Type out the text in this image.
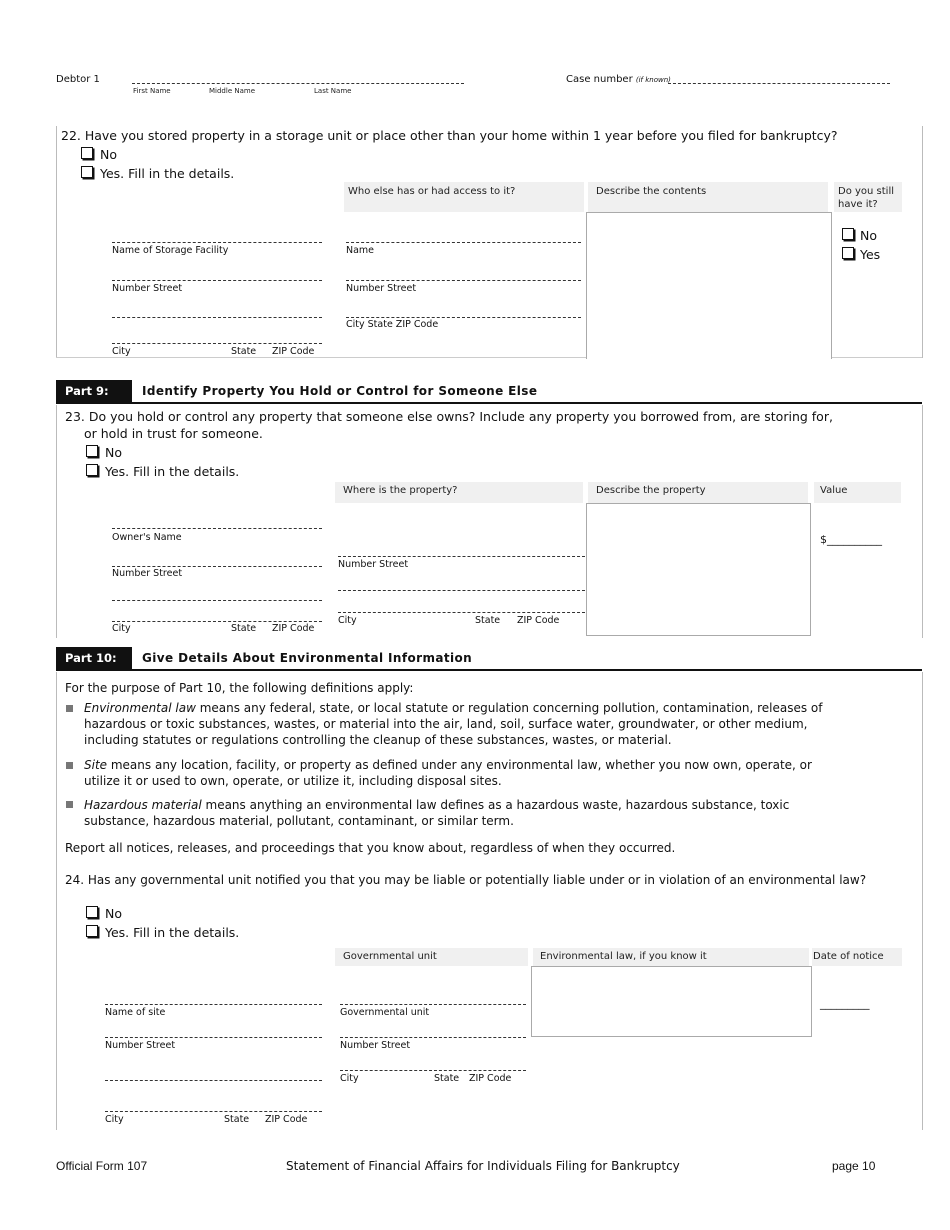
Debtor 1
First Name	Middle Name	Last Name
Case number (if known)
22. Have you stored property in a storage unit or place other than your home within 1 year before you filed for bankruptcy?
No
Yes. Fill in the details.
Who else has or had access to it?	Describe the contents	Do you still
have it?
Name of Storage Facility
Number Street
City	State ZIP Code
Name
Number Street
City State ZIP Code
No
Yes
Part 9:	Identify Property You Hold or Control for Someone Else
23. Do you hold or control any property that someone else owns? Include any property you borrowed from, are storing for,
or hold in trust for someone.
No
Yes. Fill in the details.
Where is the property?	Describe the property	Value
Owner's Name
Number Street
City	State ZIP Code
Number Street
City	State ZIP Code
$__________
Part 10:	Give Details About Environmental Information
For the purpose of Part 10, the following definitions apply:
Environmental law means any federal, state, or local statute or regulation concerning pollution, contamination, releases of
hazardous or toxic substances, wastes, or material into the air, land, soil, surface water, groundwater, or other medium,
including statutes or regulations controlling the cleanup of these substances, wastes, or material.
Site means any location, facility, or property as defined under any environmental law, whether you now own, operate, or
utilize it or used to own, operate, or utilize it, including disposal sites.
Hazardous material means anything an environmental law defines as a hazardous waste, hazardous substance, toxic
substance, hazardous material, pollutant, contaminant, or similar term.
Report all notices, releases, and proceedings that you know about, regardless of when they occurred.
24. Has any governmental unit notified you that you may be liable or potentially liable under or in violation of an environmental law?
No
Yes. Fill in the details.
Governmental unit	Environmental law, if you know it	Date of notice
Name of site
Number Street
City	State ZIP Code
Governmental unit
Number Street
City	State ZIP Code
_________
Official Form 107	Statement of Financial Affairs for Individuals Filing for Bankruptcy	page 10
